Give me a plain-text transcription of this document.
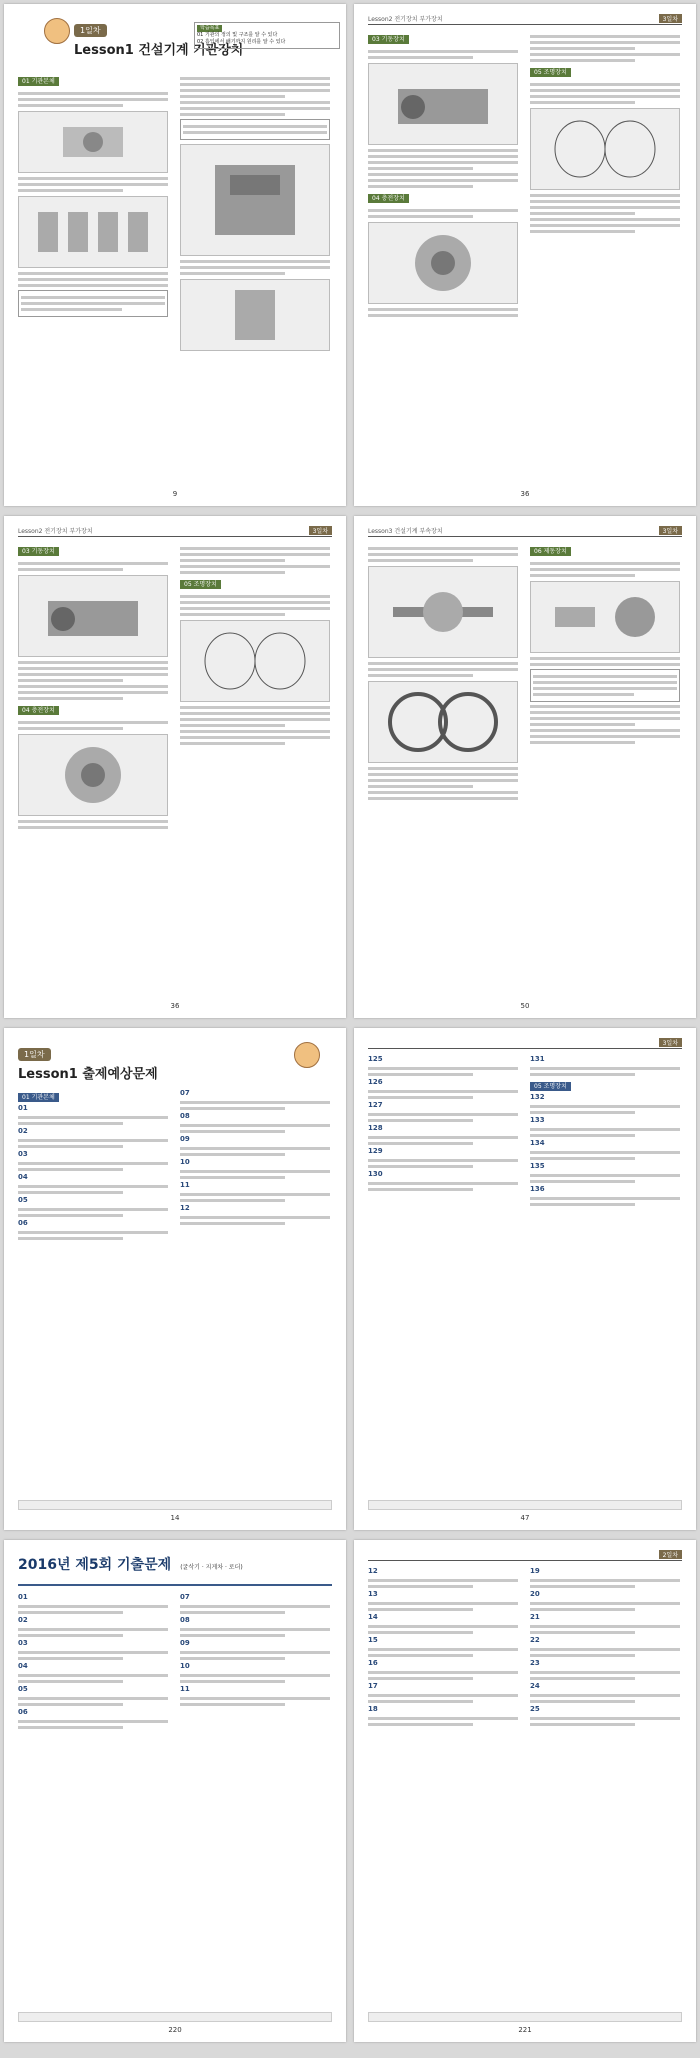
1일차
Lesson1 건설기계 기관장치
학습목표
01 기관의 정의 및 구조를 알 수 있다
02 흡입에서 배기까지 원리를 알 수 있다
01 기관본체
9
Lesson2 전기장치 부가장치	3일차
03 기동장치
04 충전장치
05 조명장치
36
Lesson2 전기장치 부가장치	3일차
03 기동장치
04 충전장치
05 조명장치
36
Lesson3 건설기계 부속장치	3일차
06 제동장치
50
1일차
Lesson1 출제예상문제
01 기관본체
01
02
03
04
05
06
07
08
09
10
11
12
14
3일차
125
126
127
128
129
130
131
05 조명장치
132
133
134
135
136
47
2016년 제5회 기출문제 (굴삭기 · 지게차 · 로더)
01
02
03
04
05
06
07
08
09
10
11
220
2일차
12
13
14
15
16
17
18
19
20
21
22
23
24
25
221
